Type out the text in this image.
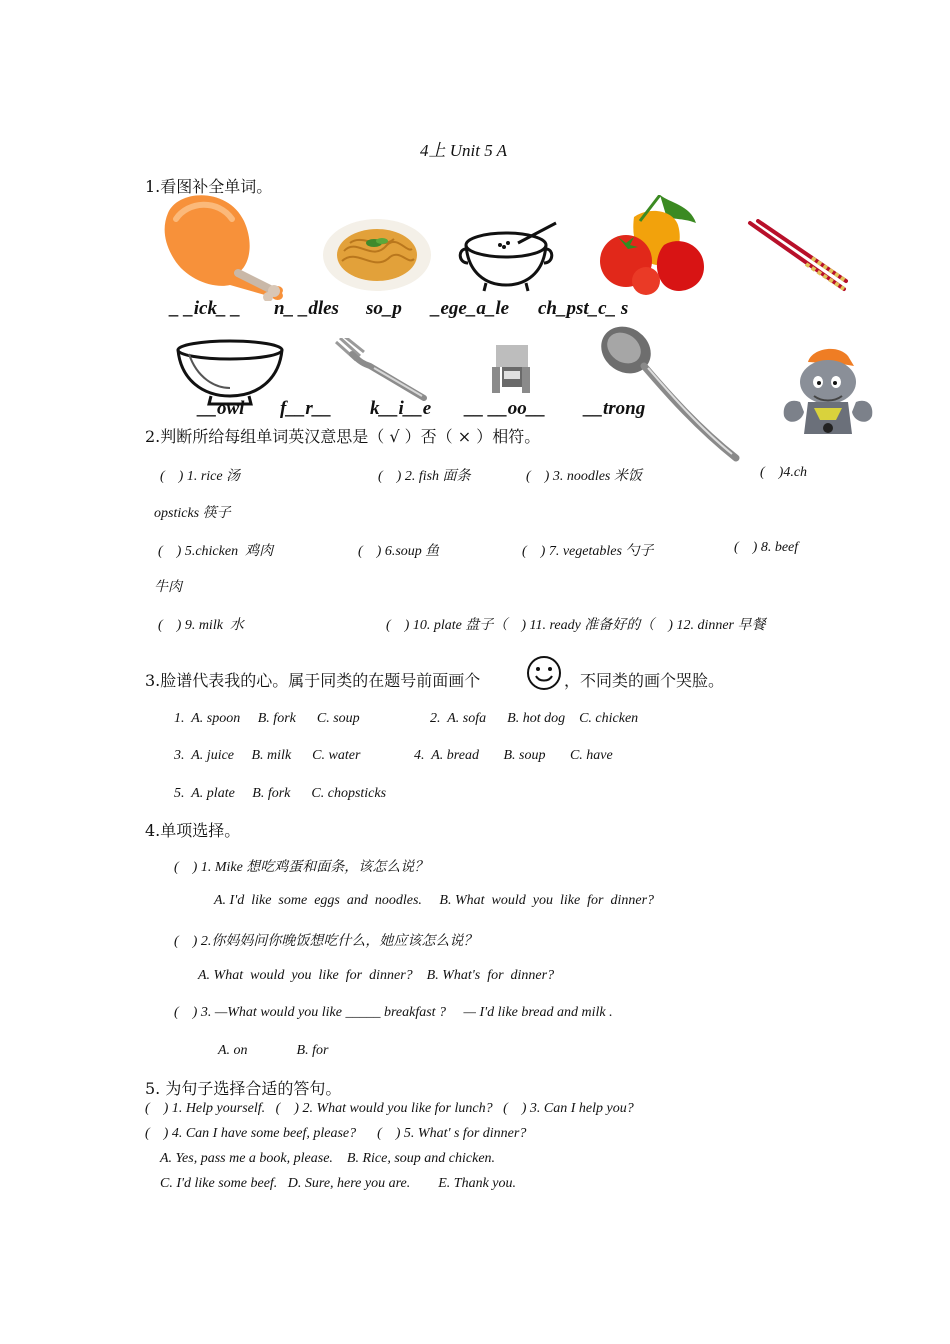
4上 Unit 5 A
1.看图补全单词。
_ _ick_ _ n_ _dles so_p _ege_a_le ch_pst_c_ s
__owl f__r__ k__i__e __ __oo__ __trong
2.判断所给每组单词英汉意思是（ √ ）否（ × ）相符。
(    ) 1. rice 汤	(    ) 2. fish 面条	(    ) 3. noodles 米饭	(    )4.ch
opsticks 筷子
(    ) 5.chicken  鸡肉	(    ) 6.soup 鱼	(    ) 7. vegetables 勺子	(    ) 8. beef
牛肉
(    ) 9. milk  水	(    ) 10. plate 盘子（    ) 11. ready 准备好的（    ) 12. dinner 早餐
3.脸谱代表我的心。属于同类的在题号前面画个	，不同类的画个哭脸。
1.  A. spoon     B. fork      C. soup	2.  A. sofa      B. hot dog    C. chicken
3.  A. juice     B. milk      C. water	4.  A. bread       B. soup       C. have
5.  A. plate     B. fork      C. chopsticks
4.单项选择。
(    ) 1. Mike 想吃鸡蛋和面条，该怎么说？
A. I'd  like  some  eggs  and  noodles.     B. What  would  you  like  for  dinner?
(    ) 2.你妈妈问你晚饭想吃什么，她应该怎么说？
A. What  would  you  like  for  dinner?    B. What's  for  dinner?
(    ) 3. —What would you like _____ breakfast ?     — I'd like bread and milk .
A. on              B. for
5. 为句子选择合适的答句。
(    ) 1. Help yourself.   (    ) 2. What would you like for lunch?   (    ) 3. Can I help you?
(    ) 4. Can I have some beef, please?      (    ) 5. What' s for dinner?
A. Yes, pass me a book, please.    B. Rice, soup and chicken.
C. I'd like some beef.   D. Sure, here you are.        E. Thank you.
